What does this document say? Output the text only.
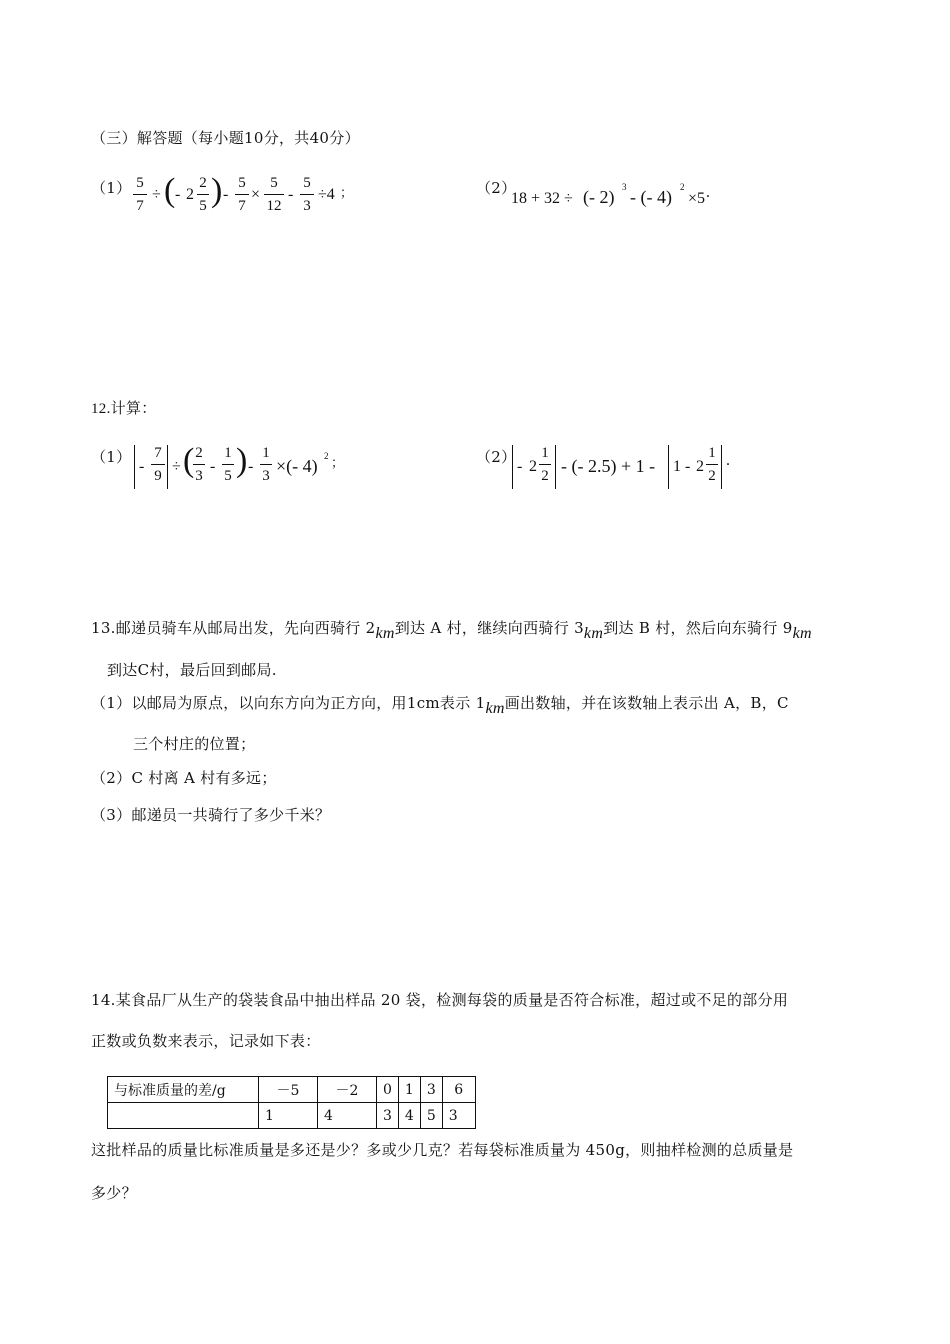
（三）解答题（每小题10分，共40分）
（1） 5
7
÷ ( - 2
2
5 ) -
5
7
×
5
12
-
5
3
÷4 ；	（2）
18 + 32 ÷ (- 2) 3 - (- 4) 2
×5 .
12.计算：
（1）
-
7
9
÷ ( 2
3
-
1
5 ) -
1
3 ×(- 4) 2 ；	（2）
- 2
1
2 - (- 2.5) + 1 - 1 - 2
1
2
.
13.邮递员骑车从邮局出发，先向西骑行 2km到达 A 村，继续向西骑行 3km到达 B 村，然后向东骑行 9km
到达C村，最后回到邮局.
（1）以邮局为原点，以向东方向为正方向，用1cm表示 1km画出数轴，并在该数轴上表示出 A，B，C
三个村庄的位置；
（2）C 村离 A 村有多远；
（3）邮递员一共骑行了多少千米？
14.某食品厂从生产的袋装食品中抽出样品 20 袋，检测每袋的质量是否符合标准，超过或不足的部分用
正数或负数来表示，记录如下表：
与标准质量的差/g	－5	－2	0	1	3	6
	1	4	3	4	5	3
这批样品的质量比标准质量是多还是少？多或少几克？若每袋标准质量为 450g，则抽样检测的总质量是
多少？
